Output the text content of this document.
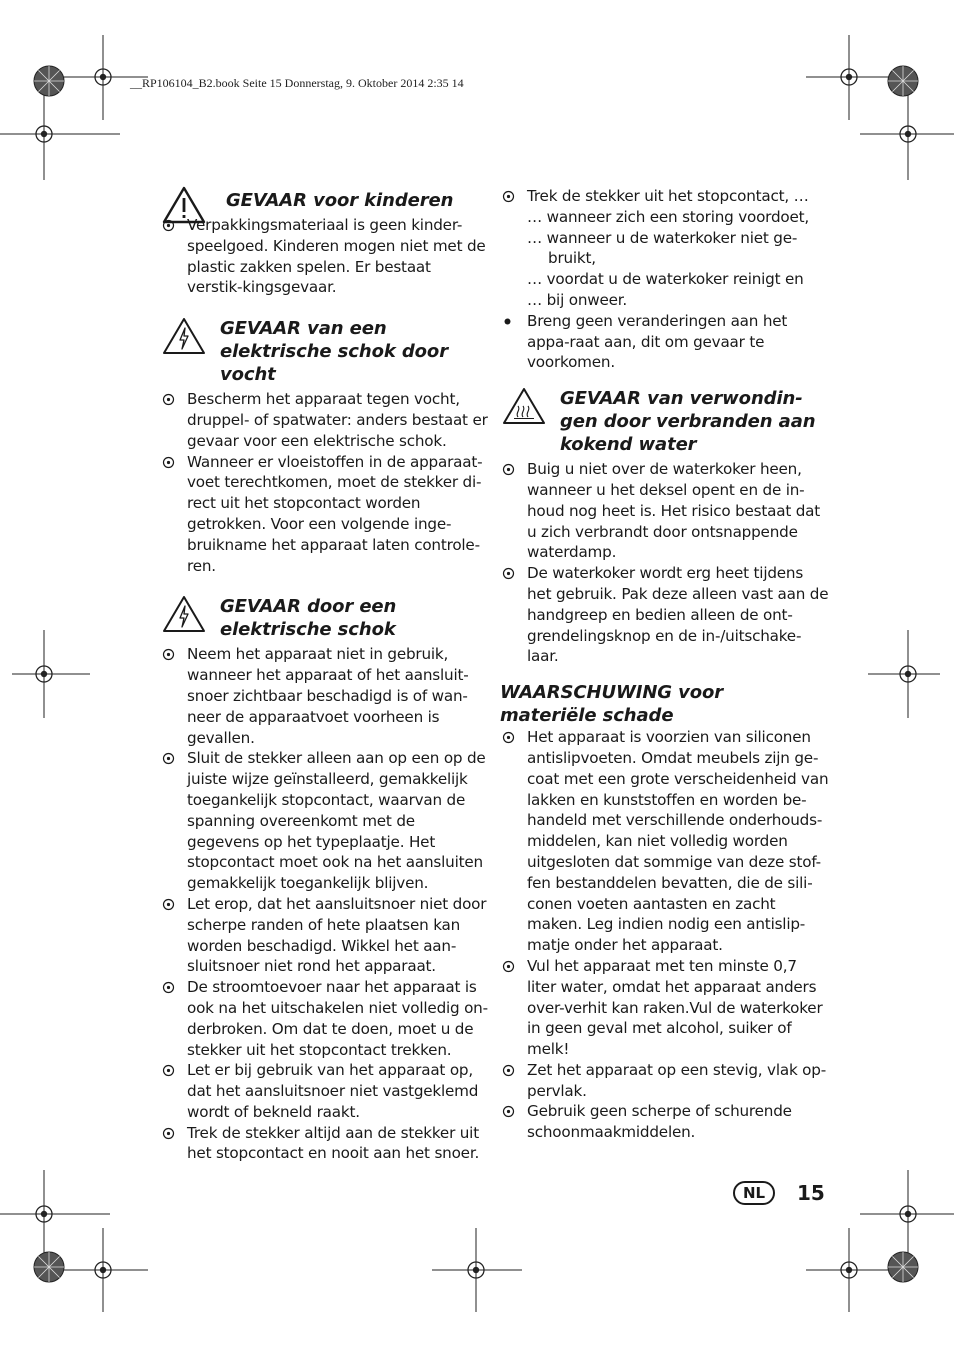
__RP106104_B2.book Seite 15 Donnerstag, 9. Oktober 2014 2:35 14
GEVAAR voor kinderen
Verpakkingsmateriaal is geen kinder-speelgoed. Kinderen mogen niet met de plastic zakken spelen. Er bestaat verstik-kingsgevaar.
GEVAAR van een
elektrische schok door
vocht
Bescherm het apparaat tegen vocht, druppel- of spatwater: anders bestaat er gevaar voor een elektrische schok.
Wanneer er vloeistoffen in de apparaat-voet terechtkomen, moet de stekker di-rect uit het stopcontact worden getrokken. Voor een volgende inge-bruikname het apparaat laten controle-ren.
GEVAAR door een
elektrische schok
Neem het apparaat niet in gebruik, wanneer het apparaat of het aansluit-snoer zichtbaar beschadigd is of wan-neer de apparaatvoet voorheen is gevallen.
Sluit de stekker alleen aan op een op de juiste wijze geïnstalleerd, gemakkelijk toegankelijk stopcontact, waarvan de spanning overeenkomt met de gegevens op het typeplaatje. Het stopcontact moet ook na het aansluiten gemakkelijk toegankelijk blijven.
Let erop, dat het aansluitsnoer niet door scherpe randen of hete plaatsen kan worden beschadigd. Wikkel het aan-sluitsnoer niet rond het apparaat.
De stroomtoevoer naar het apparaat is ook na het uitschakelen niet volledig on-derbroken. Om dat te doen, moet u de stekker uit het stopcontact trekken.
Let er bij gebruik van het apparaat op, dat het aansluitsnoer niet vastgeklemd wordt of bekneld raakt.
Trek de stekker altijd aan de stekker uit het stopcontact en nooit aan het snoer.
Trek de stekker uit het stopcontact, …
… wanneer zich een storing voordoet,
… wanneer u de waterkoker niet ge-
bruikt,
… voordat u de waterkoker reinigt en
… bij onweer.
Breng geen veranderingen aan het appa-raat aan, dit om gevaar te voorkomen.
GEVAAR van verwondin-
gen door verbranden aan
kokend water
Buig u niet over de waterkoker heen, wanneer u het deksel opent en de in-houd nog heet is. Het risico bestaat dat u zich verbrandt door ontsnappende waterdamp.
De waterkoker wordt erg heet tijdens het gebruik. Pak deze alleen vast aan de handgreep en bedien alleen de ont-grendelingsknop en de in-/uitschake-laar.
WAARSCHUWING voor
materiële schade
Het apparaat is voorzien van siliconen antislipvoeten. Omdat meubels zijn ge-coat met een grote verscheidenheid van lakken en kunststoffen en worden be-handeld met verschillende onderhouds-middelen, kan niet volledig worden uitgesloten dat sommige van deze stof-fen bestanddelen bevatten, die de sili-conen voeten aantasten en zacht maken. Leg indien nodig een antislip-matje onder het apparaat.
Vul het apparaat met ten minste 0,7 liter water, omdat het apparaat anders over-verhit kan raken.Vul de waterkoker in geen geval met alcohol, suiker of melk!
Zet het apparaat op een stevig, vlak op-pervlak.
Gebruik geen scherpe of schurende schoonmaakmiddelen.
NL	15
